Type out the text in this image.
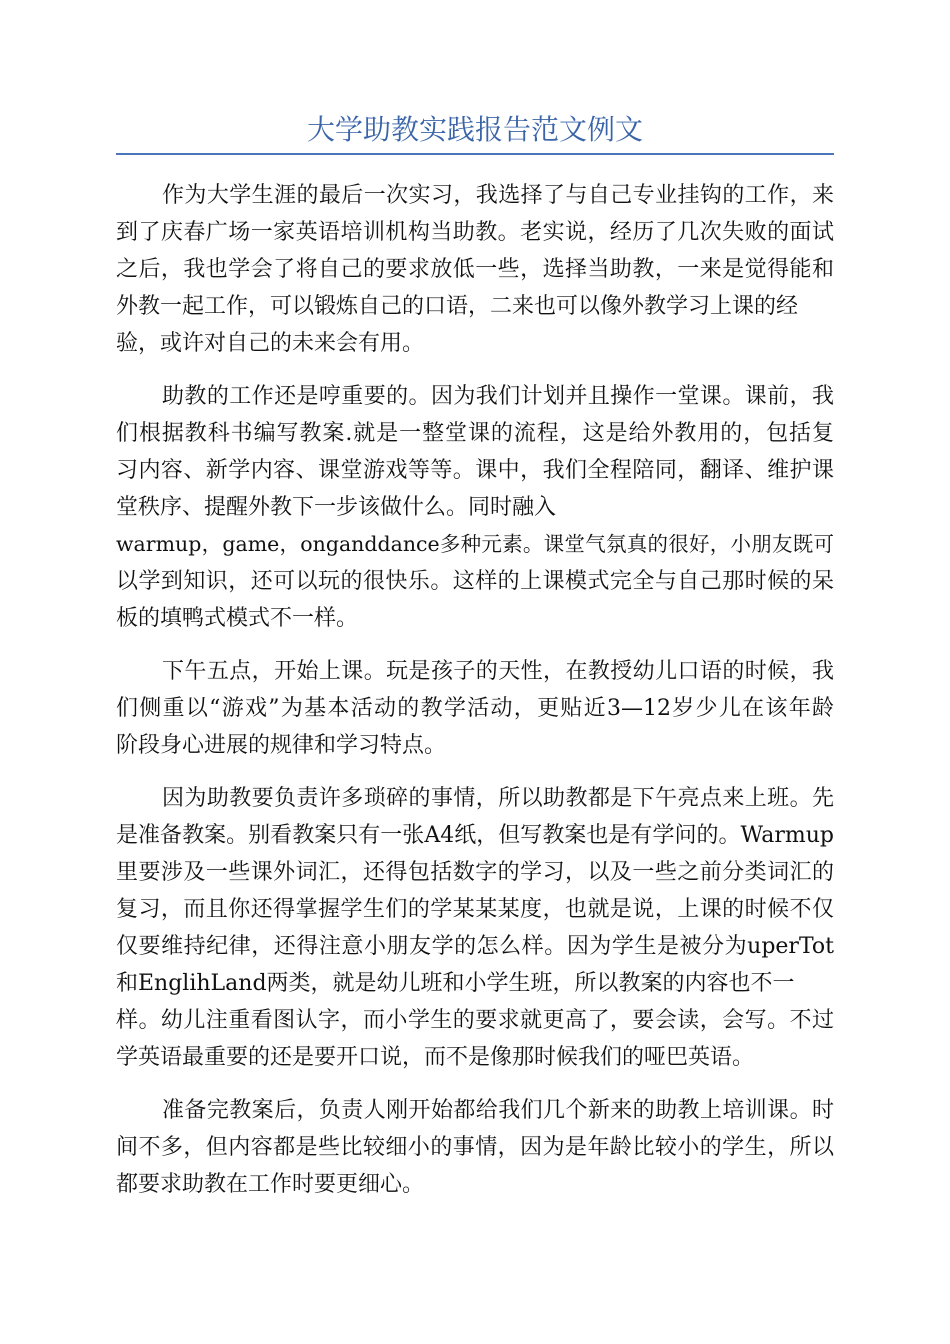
大学助教实践报告范文例文
作为大学生涯的最后一次实习，我选择了与自己专业挂钩的工作，来
到了庆春广场一家英语培训机构当助教。老实说，经历了几次失败的面试
之后，我也学会了将自己的要求放低一些，选择当助教，一来是觉得能和
外教一起工作，可以锻炼自己的口语，二来也可以像外教学习上课的经
验，或许对自己的未来会有用。
助教的工作还是哼重要的。因为我们计划并且操作一堂课。课前，我
们根据教科书编写教案.就是一整堂课的流程，这是给外教用的，包括复
习内容、新学内容、课堂游戏等等。课中，我们全程陪同，翻译、维护课
堂秩序、提醒外教下一步该做什么。同时融入
warmup，game，onganddance多种元素。课堂气氛真的很好，小朋友既可
以学到知识，还可以玩的很快乐。这样的上课模式完全与自己那时候的呆
板的填鸭式模式不一样。
下午五点，开始上课。玩是孩子的天性，在教授幼儿口语的时候，我
们侧重以“游戏”为基本活动的教学活动，更贴近3—12岁少儿在该年龄
阶段身心进展的规律和学习特点。
因为助教要负责许多琐碎的事情，所以助教都是下午亮点来上班。先
是准备教案。别看教案只有一张A4纸，但写教案也是有学问的。Warmup
里要涉及一些课外词汇，还得包括数字的学习，以及一些之前分类词汇的
复习，而且你还得掌握学生们的学某某某度，也就是说，上课的时候不仅
仅要维持纪律，还得注意小朋友学的怎么样。因为学生是被分为uperTot
和EnglihLand两类，就是幼儿班和小学生班，所以教案的内容也不一
样。幼儿注重看图认字，而小学生的要求就更高了，要会读，会写。不过
学英语最重要的还是要开口说，而不是像那时候我们的哑巴英语。
准备完教案后，负责人刚开始都给我们几个新来的助教上培训课。时
间不多，但内容都是些比较细小的事情，因为是年龄比较小的学生，所以
都要求助教在工作时要更细心。
